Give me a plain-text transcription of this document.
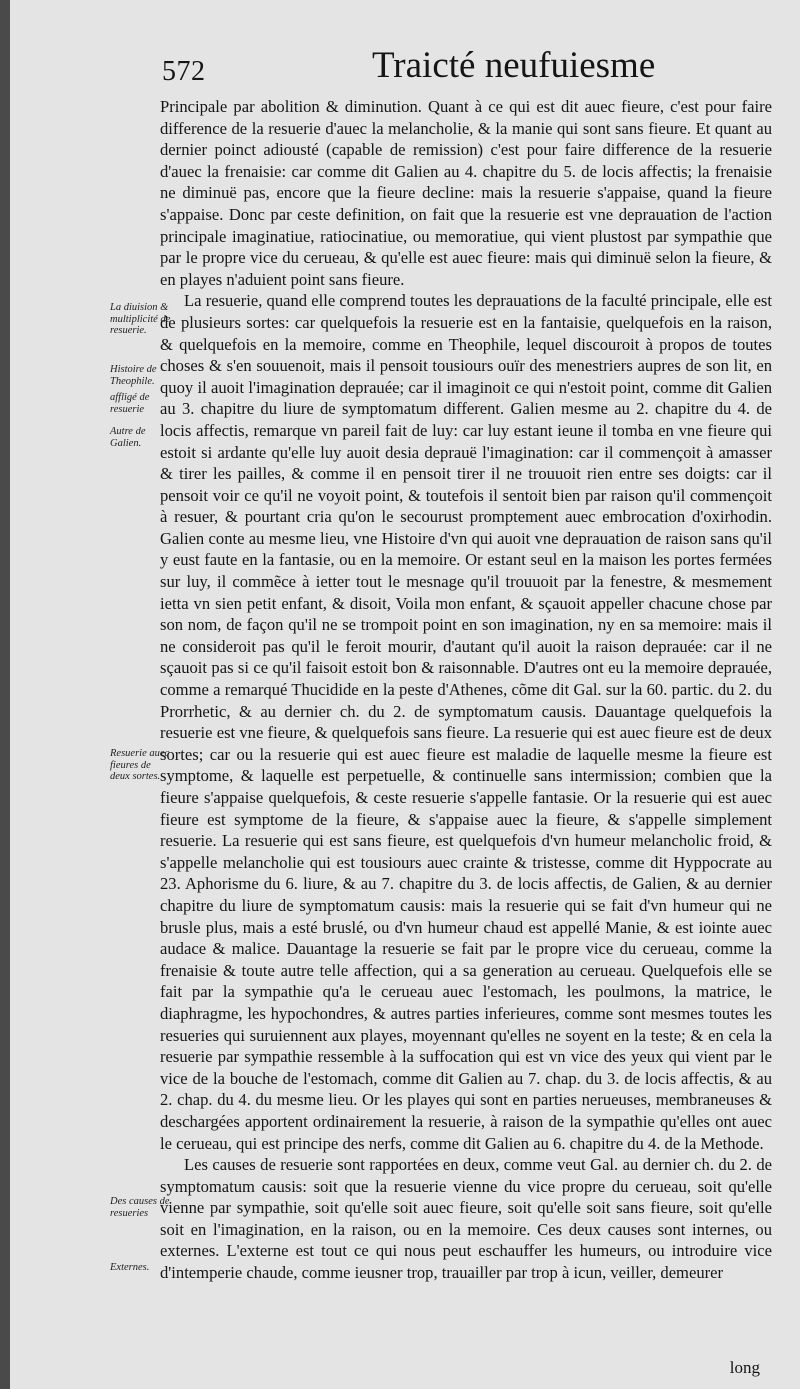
572	Traicté neufuiesme

Principale par abolition & diminution. Quant à ce qui est dit auec fieure, c'est pour faire difference de la resuerie d'auec la melancholie, & la manie qui sont sans fieure. Et quant au dernier poinct adiousté (capable de remission) c'est pour faire difference de la resuerie d'auec la frenaisie: car comme dit Galien au 4. chapitre du 5. de locis affectis; la frenaisie ne diminuë pas, encore que la fieure decline: mais la resuerie s'appaise, quand la fieure s'appaise. Donc par ceste definition, on fait que la resuerie est vne deprauation de l'action principale imaginatiue, ratiocinatiue, ou memoratiue, qui vient plustost par sympathie que par le propre vice du cerueau, & qu'elle est auec fieure: mais qui diminuë selon la fieure, & en playes n'aduient point sans fieure.

La resuerie, quand elle comprend toutes les deprauations de la faculté principale, elle est de plusieurs sortes: car quelquefois la resuerie est en la fantaisie, quelquefois en la raison, & quelquefois en la memoire, comme en Theophile, lequel discouroit à propos de toutes choses & s'en souuenoit, mais il pensoit tousiours ouïr des menestriers aupres de son lit, en quoy il auoit l'imagination deprauée; car il imaginoit ce qui n'estoit point, comme dit Galien au 3. chapitre du liure de symptomatum different. Galien mesme au 2. chapitre du 4. de locis affectis, remarque vn pareil fait de luy: car luy estant ieune il tomba en vne fieure qui estoit si ardante qu'elle luy auoit desia deprauë l'imagination: car il commençoit à amasser & tirer les pailles, & comme il en pensoit tirer il ne trouuoit rien entre ses doigts: car il pensoit voir ce qu'il ne voyoit point, & toutefois il sentoit bien par raison qu'il commençoit à resuer, & pourtant cria qu'on le secourust promptement auec embrocation d'oxirhodin. Galien conte au mesme lieu, vne Histoire d'vn qui auoit vne deprauation de raison sans qu'il y eust faute en la fantasie, ou en la memoire. Or estant seul en la maison les portes fermées sur luy, il commẽce à ietter tout le mesnage qu'il trouuoit par la fenestre, & mesmement ietta vn sien petit enfant, & disoit, Voila mon enfant, & sçauoit appeller chacune chose par son nom, de façon qu'il ne se trompoit point en son imagination, ny en sa memoire: mais il ne consideroit pas qu'il le feroit mourir, d'autant qu'il auoit la raison deprauée: car il ne sçauoit pas si ce qu'il faisoit estoit bon & raisonnable. D'autres ont eu la memoire deprauée, comme a remarqué Thucidide en la peste d'Athenes, cõme dit Gal. sur la 60. partic. du 2. du Prorrhetic, & au dernier ch. du 2. de symptomatum causis. Dauantage quelquefois la resuerie est vne fieure, & quelquefois sans fieure. La resuerie qui est auec fieure est de deux sortes; car ou la resuerie qui est auec fieure est maladie de laquelle mesme la fieure est symptome, & laquelle est perpetuelle, & continuelle sans intermission; combien que la fieure s'appaise quelquefois, & ceste resuerie s'appelle fantasie. Or la resuerie qui est auec fieure est symptome de la fieure, & s'appaise auec la fieure, & s'appelle simplement resuerie. La resuerie qui est sans fieure, est quelquefois d'vn humeur melancholic froid, & s'appelle melancholie qui est tousiours auec crainte & tristesse, comme dit Hyppocrate au 23. Aphorisme du 6. liure, & au 7. chapitre du 3. de locis affectis, de Galien, & au dernier chapitre du liure de symptomatum causis: mais la resuerie qui se fait d'vn humeur qui ne brusle plus, mais a esté bruslé, ou d'vn humeur chaud est appellé Manie, & est iointe auec audace & malice. Dauantage la resuerie se fait par le propre vice du cerueau, comme la frenaisie & toute autre telle affection, qui a sa generation au cerueau. Quelquefois elle se fait par la sympathie qu'a le cerueau auec l'estomach, les poulmons, la matrice, le diaphragme, les hypochondres, & autres parties inferieures, comme sont mesmes toutes les resueries qui suruiennent aux playes, moyennant qu'elles ne soyent en la teste; & en cela la resuerie par sympathie ressemble à la suffocation qui est vn vice des yeux qui vient par le vice de la bouche de l'estomach, comme dit Galien au 7. chap. du 3. de locis affectis, & au 2. chap. du 4. du mesme lieu. Or les playes qui sont en parties nerueuses, membraneuses & deschargées apportent ordinairement la resuerie, à raison de la sympathie qu'elles ont auec le cerueau, qui est principe des nerfs, comme dit Galien au 6. chapitre du 4. de la Methode.

Les causes de resuerie sont rapportées en deux, comme veut Gal. au dernier ch. du 2. de symptomatum causis: soit que la resuerie vienne du vice propre du cerueau, soit qu'elle vienne par sympathie, soit qu'elle soit auec fieure, soit qu'elle soit sans fieure, soit qu'elle soit en l'imagination, en la raison, ou en la memoire. Ces deux causes sont internes, ou externes. L'externe est tout ce qui nous peut eschauffer les humeurs, ou introduire vice d'intemperie chaude, comme ieusner trop, trauailler par trop à icun, veiller, demeurer

La diuision & multiplicité de resuerie.
Histoire de Theophile.
affligé de resuerie
Autre de Galien.
Resuerie auec fieures de deux sortes.
Des causes de resueries
Externes.
long
